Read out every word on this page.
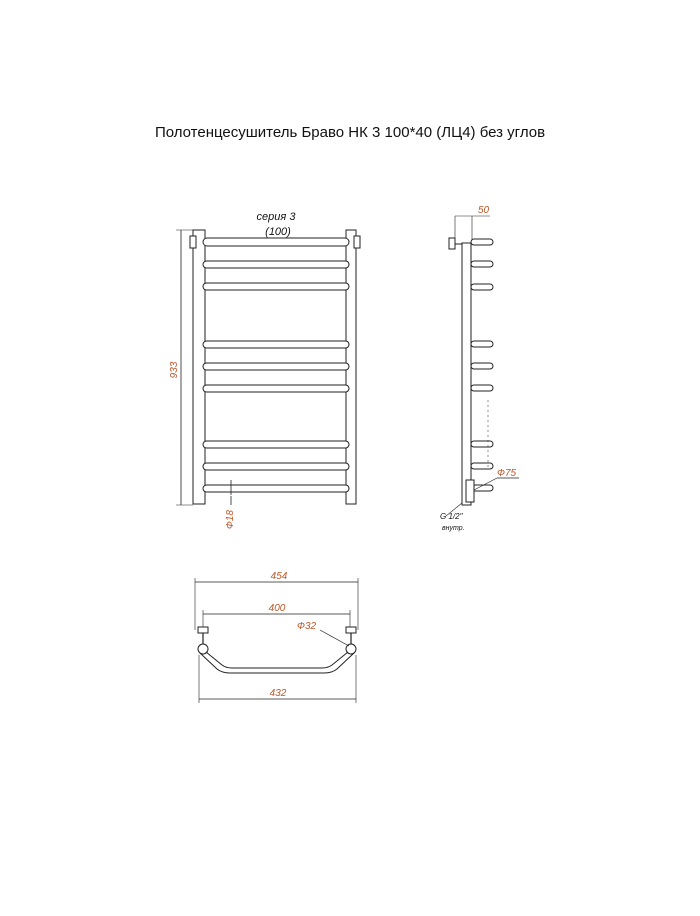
Полотенцесушитель Браво НК 3 100*40 (ЛЦ4) без углов
933
серия 3
(100)
Ф18
50
Ф75
G 1/2"
внутр.
454
400
Ф32
432
